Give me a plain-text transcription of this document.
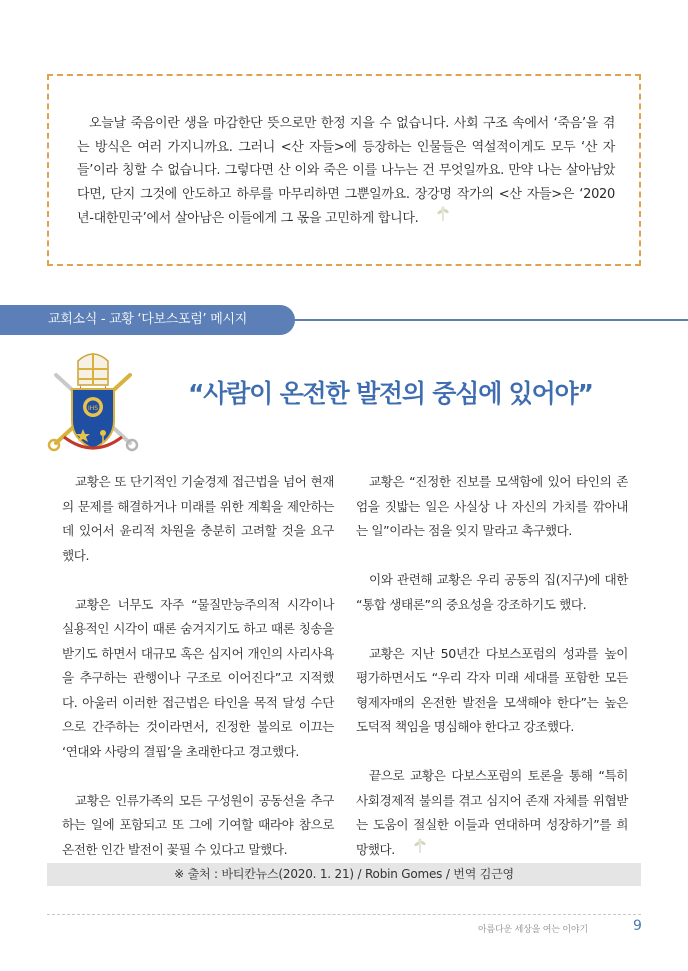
오늘날 죽음이란 생을 마감한단 뜻으로만 한정 지을 수 없습니다. 사회 구조 속에서 ‘죽음’을 겪는 방식은 여러 가지니까요. 그러니 <산 자들>에 등장하는 인물들은 역설적이게도 모두 ‘산 자들’이라 칭할 수 없습니다. 그렇다면 산 이와 죽은 이를 나누는 건 무엇일까요. 만약 나는 살아남았다면, 단지 그것에 안도하고 하루를 마무리하면 그뿐일까요. 장강명 작가의 <산 자들>은 ‘2020년-대한민국’에서 살아남은 이들에게 그 몫을 고민하게 합니다.

교회소식 - 교황 ‘다보스포럼’ 메시지
IHS
“사람이 온전한 발전의 중심에 있어야”

교황은 또 단기적인 기술경제 접근법을 넘어 현재의 문제를 해결하거나 미래를 위한 계획을 제안하는 데 있어서 윤리적 차원을 충분히 고려할 것을 요구했다.

교황은 너무도 자주 “물질만능주의적 시각이나 실용적인 시각이 때론 숨겨지기도 하고 때론 칭송을 받기도 하면서 대규모 혹은 심지어 개인의 사리사욕을 추구하는 관행이나 구조로 이어진다”고 지적했다. 아울러 이러한 접근법은 타인을 목적 달성 수단으로 간주하는 것이라면서, 진정한 불의로 이끄는 ‘연대와 사랑의 결핍’을 초래한다고 경고했다.

교황은 인류가족의 모든 구성원이 공동선을 추구하는 일에 포함되고 또 그에 기여할 때라야 참으로 온전한 인간 발전이 꽃필 수 있다고 말했다.

교황은 “진정한 진보를 모색함에 있어 타인의 존엄을 짓밟는 일은 사실상 나 자신의 가치를 깎아내는 일”이라는 점을 잊지 말라고 촉구했다.

이와 관련해 교황은 우리 공동의 집(지구)에 대한 “통합 생태론”의 중요성을 강조하기도 했다.

교황은 지난 50년간 다보스포럼의 성과를 높이 평가하면서도 “우리 각자 미래 세대를 포함한 모든 형제자매의 온전한 발전을 모색해야 한다”는 높은 도덕적 책임을 명심해야 한다고 강조했다.

끝으로 교황은 다보스포럼의 토론을 통해 “특히 사회경제적 불의를 겪고 심지어 존재 자체를 위협받는 도움이 절실한 이들과 연대하며 성장하기”를 희망했다.

※ 출처 : 바티칸뉴스(2020. 1. 21) / Robin Gomes / 번역 김근영
아름다운 세상을 여는 이야기	9
